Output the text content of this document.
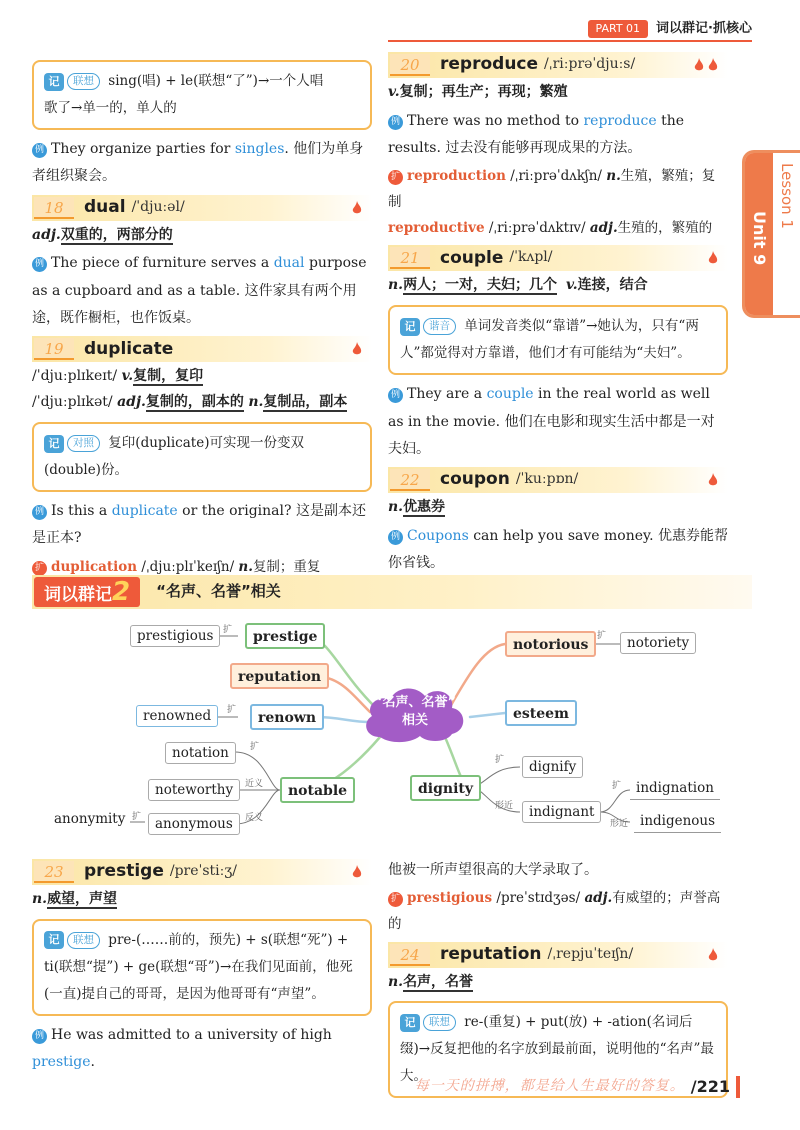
PART 01	词以群记·抓核心
Unit 9
Lesson 1
记	联想	sing(唱) + le(联想“了”)→一个人唱
歌了→单一的，单人的
例 They organize parties for singles. 他们为单身者组织聚会。
18	dual /ˈdjuːəl/
adj.双重的，两部分的
例 The piece of furniture serves a dual purpose as a cupboard and as a table. 这件家具有两个用途，既作橱柜，也作饭桌。
19	duplicate
/ˈdjuːplɪkeɪt/ v.复制，复印
/ˈdjuːplɪkət/ adj.复制的，副本的 n.复制品，副本
记	对照	复印(duplicate)可实现一份变双(double)份。
例 Is this a duplicate or the original? 这是副本还是正本?
扩 duplication /ˌdjuːplɪˈkeɪʃn/ n.复制；重复
20	reproduce /ˌriːprəˈdjuːs/
v.复制；再生产；再现；繁殖
例 There was no method to reproduce the results. 过去没有能够再现成果的方法。
扩 reproduction /ˌriːprəˈdʌkʃn/ n.生殖，繁殖；复制
reproductive /ˌriːprəˈdʌktɪv/ adj.生殖的，繁殖的
21	couple /ˈkʌpl/
n.两人；一对，夫妇；几个 v.连接，结合
记	谐音	单词发音类似“靠谱”→她认为，只有“两人”都觉得对方靠谱，他们才有可能结为“夫妇”。
例 They are a couple in the real world as well as in the movie. 他们在电影和现实生活中都是一对夫妇。
22	coupon /ˈkuːpɒn/
n.优惠券
例 Coupons can help you save money. 优惠券能帮你省钱。
词以群记2	“名声、名誉”相关
“名声、名誉”
相关
prestigious	扩	prestige
reputation
renowned	扩	renown
notation	扩
noteworthy	近义
anonymous	反义
anonymity 扩
notable
notorious
扩	notoriety
esteem
dignity
扩	dignify
形近	indignant
扩	indignation
形近 indigenous
23	prestige /preˈstiːʒ/
n.威望，声望
记	联想	pre-(……前的，预先) + s(联想“死”) + ti(联想“提”) + ge(联想“哥”)→在我们见面前，他死(一直)提自己的哥哥，是因为他哥哥有“声望”。
例 He was admitted to a university of high prestige.
他被一所声望很高的大学录取了。
扩 prestigious /preˈstɪdʒəs/ adj.有威望的；声誉高的
24	reputation /ˌrepjuˈteɪʃn/
n.名声，名誉
记	联想	re-(重复) + put(放) + -ation(名词后缀)→反复把他的名字放到最前面，说明他的“名声”最大。
每一天的拼搏，都是给人生最好的答复。 /221
